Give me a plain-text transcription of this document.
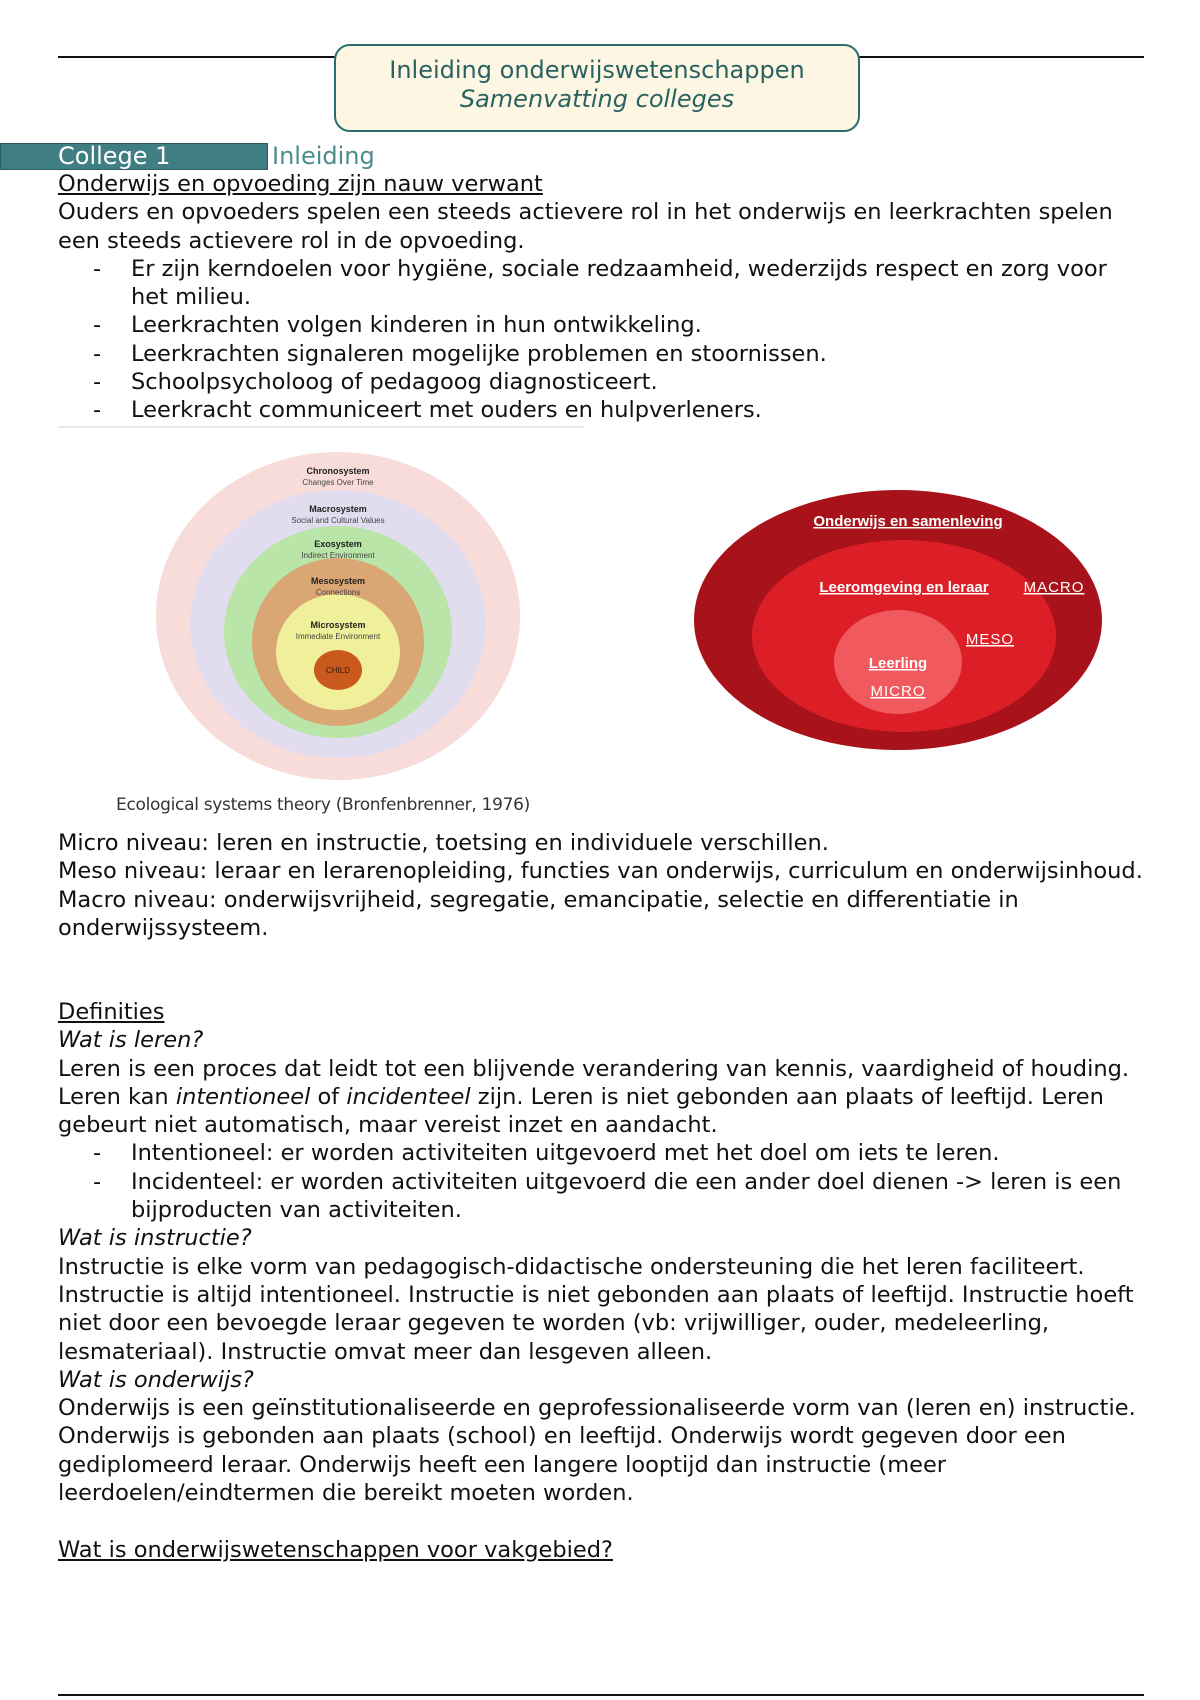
Inleiding onderwijswetenschappen
Samenvatting colleges
College 1	Inleiding

Onderwijs en opvoeding zijn nauw verwant

Ouders en opvoeders spelen een steeds actievere rol in het onderwijs en leerkrachten spelen een steeds actievere rol in de opvoeding.

- Er zijn kerndoelen voor hygiëne, sociale redzaamheid, wederzijds respect en zorg voor het milieu.
- Leerkrachten volgen kinderen in hun ontwikkeling.
- Leerkrachten signaleren mogelijke problemen en stoornissen.
- Schoolpsycholoog of pedagoog diagnosticeert.
- Leerkracht communiceert met ouders en hulpverleners.
Chronosystem
Changes Over Time
Macrosystem
Social and Cultural Values
Exosystem
Indirect Environment
Mesosystem
Connections
Microsystem
Immediate Environment
CHILD
Ecological systems theory (Bronfenbrenner, 1976)
Onderwijs en samenleving
Leeromgeving en leraar MACRO
MESO
Leerling
MICRO

Micro niveau: leren en instructie, toetsing en individuele verschillen.

Meso niveau: leraar en lerarenopleiding, functies van onderwijs, curriculum en onderwijsinhoud.

Macro niveau: onderwijsvrijheid, segregatie, emancipatie, selectie en differentiatie in onderwijssysteem.

Definities

Wat is leren?

Leren is een proces dat leidt tot een blijvende verandering van kennis, vaardigheid of houding. Leren kan intentioneel of incidenteel zijn. Leren is niet gebonden aan plaats of leeftijd. Leren gebeurt niet automatisch, maar vereist inzet en aandacht.

- Intentioneel: er worden activiteiten uitgevoerd met het doel om iets te leren.
- Incidenteel: er worden activiteiten uitgevoerd die een ander doel dienen -> leren is een bijproducten van activiteiten.

Wat is instructie?

Instructie is elke vorm van pedagogisch-didactische ondersteuning die het leren faciliteert. Instructie is altijd intentioneel. Instructie is niet gebonden aan plaats of leeftijd. Instructie hoeft niet door een bevoegde leraar gegeven te worden (vb: vrijwilliger, ouder, medeleerling, lesmateriaal). Instructie omvat meer dan lesgeven alleen.

Wat is onderwijs?

Onderwijs is een geïnstitutionaliseerde en geprofessionaliseerde vorm van (leren en) instructie. Onderwijs is gebonden aan plaats (school) en leeftijd. Onderwijs wordt gegeven door een gediplomeerd leraar. Onderwijs heeft een langere looptijd dan instructie (meer leerdoelen/eindtermen die bereikt moeten worden.

Wat is onderwijswetenschappen voor vakgebied?
